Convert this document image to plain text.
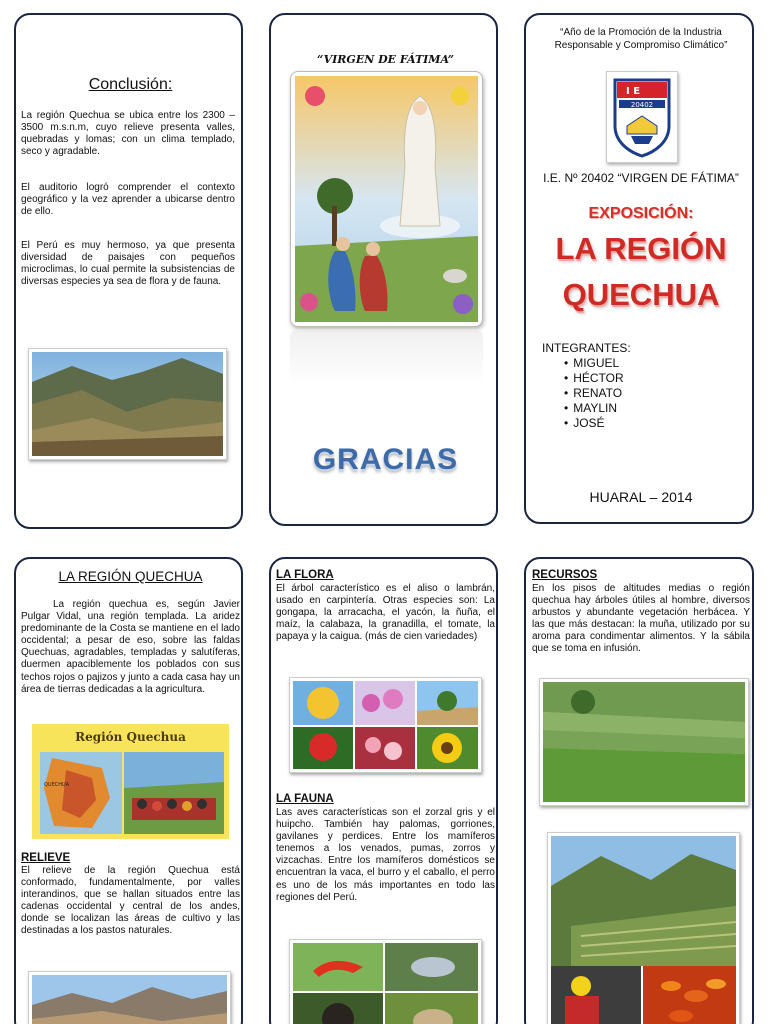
Conclusión:

La región Quechua se ubica entre los 2300 – 3500 m.s.n.m, cuyo relieve presenta valles, quebradas y lomas; con un clima templado, seco y agradable.

El auditorio logró comprender el contexto geográfico y la vez aprender a ubicarse dentro de ello.

El Perú es muy hermoso, ya que presenta diversidad de paisajes con pequeños microclimas, lo cual permite la subsistencias de diversas especies ya sea de flora y de fauna.

“VIRGEN DE FÁTIMA”
GRACIAS
“Año de la Promoción de la Industria Responsable y Compromiso Climático”
I E
20402
I.E. Nº 20402 “VIRGEN DE FÁTIMA”
EXPOSICIÓN:
LA REGIÓN
QUECHUA
INTEGRANTES:
• MIGUEL
• HÉCTOR
• RENATO
• MAYLIN
• JOSÉ
HUARAL – 2014
LA REGIÓN QUECHUA

La región quechua es, según Javier Pulgar Vidal, una región templada. La aridez predominante de la Costa se mantiene en el lado occidental; a pesar de eso, sobre las faldas Quechuas, agradables, templadas y salutíferas, duermen apaciblemente los poblados con sus techos rojos o pajizos y junto a cada casa hay un área de tierras dedicadas a la agricultura.

Región Quechua
QUECHUA
RELIEVE

El relieve de la región Quechua está conformado, fundamentalmente, por valles interandinos, que se hallan situados entre las cadenas occidental y central de los andes, donde se localizan las áreas de cultivo y las destinadas a los pastos naturales.

LA FLORA

El árbol característico es el aliso o lambrán, usado en carpintería. Otras especies son: La gongapa, la arracacha, el yacón, la ñuña, el maíz, la calabaza, la granadilla, el tomate, la papaya y la caigua. (más de cien variedades)

LA FAUNA

Las aves características son el zorzal gris y el huipcho. También hay palomas, gorriones, gavilanes y perdices. Entre los mamíferos tenemos a los venados, pumas, zorros y vizcachas. Entre los mamíferos domésticos se encuentran la vaca, el burro y el caballo, el perro es uno de los más importantes en todo las regiones del Perú.

RECURSOS

En los pisos de altitudes medias o región quechua hay árboles útiles al hombre, diversos arbustos y abundante vegetación herbácea. Y las que más destacan: la muña, utilizado por su aroma para condimentar alimentos. Y la sábila que se toma en infusión.
